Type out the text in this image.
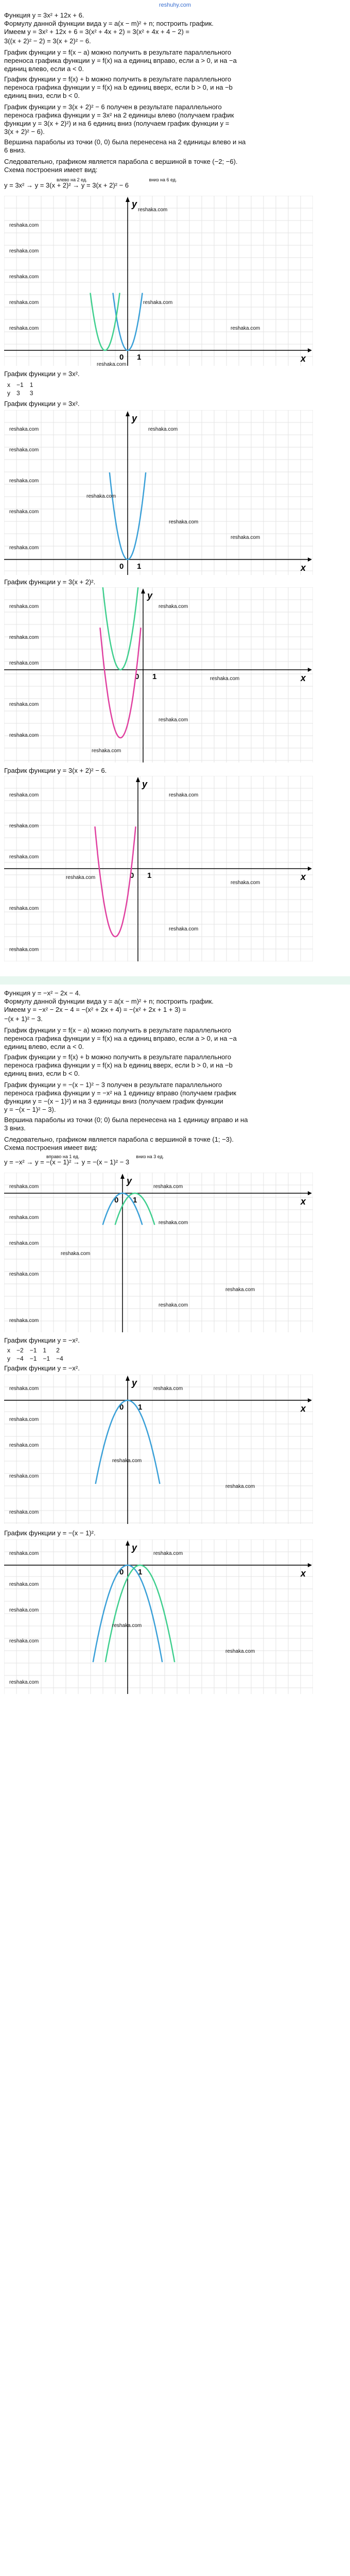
reshuhy.com
Функция y = 3x² + 12x + 6.
Формулу данной функции вида y = a(x − m)² + n; построить график.
Имеем y = 3x² + 12x + 6 = 3(x² + 4x + 2) = 3(x² + 4x + 4 − 2) =
3((x + 2)² − 2) = 3(x + 2)² − 6.
График функции y = f(x − a) можно получить в результате параллельного
переноса графика функции y = f(x) на a единиц вправо, если a > 0, и на −a
единиц влево, если a < 0.
График функции y = f(x) + b можно получить в результате параллельного
переноса графика функции y = f(x) на b единиц вверх, если b > 0, и на −b
единиц вниз, если b < 0.
График функции y = 3(x + 2)² − 6 получен в результате параллельного
переноса графика функции y = 3x² на 2 единицы влево (получаем график
функции y = 3(x + 2)²) и на 6 единиц вниз (получаем график функции y =
3(x + 2)² − 6).
Вершина параболы из точки (0, 0) была перенесена на 2 единицы влево и на
6 вниз.
Следовательно, графиком является парабола с вершиной в точке (−2; −6).
Схема построения имеет вид:
влево на 2 ед.	вниз на 6 ед.
y = 3x² → y = 3(x + 2)² → y = 3(x + 2)² − 6
x
y
0 1
reshaka.com
reshaka.com
reshaka.com
reshaka.com
reshaka.com	reshaka.com
reshaka.com	reshaka.com
reshaka.com
График функции y = 3x².
x	−1	1
y	3	3
График функции y = 3x².
x
y
0 1
reshaka.com	reshaka.com
reshaka.com
reshaka.com
reshaka.com
reshaka.com
reshaka.com
reshaka.com
reshaka.com
График функции y = 3(x + 2)².
x
y
0 1
reshaka.com	reshaka.com
reshaka.com
reshaka.com
reshaka.com
reshaka.com
reshaka.com
reshaka.com
reshaka.com
График функции y = 3(x + 2)² − 6.
x
y
0 1
reshaka.com	reshaka.com
reshaka.com
reshaka.com
reshaka.com
reshaka.com
reshaka.com
reshaka.com
reshaka.com
Функция y = −x² − 2x − 4.
Формулу данной функции вида y = a(x − m)² + n; построить график.
Имеем y = −x² − 2x − 4 = −(x² + 2x + 4) = −(x² + 2x + 1 + 3) =
−(x + 1)² − 3.
График функции y = f(x − a) можно получить в результате параллельного
переноса графика функции y = f(x) на a единиц вправо, если a > 0, и на −a
единиц влево, если a < 0.
График функции y = f(x) + b можно получить в результате параллельного
переноса графика функции y = f(x) на b единиц вверх, если b > 0, и на −b
единиц вниз, если b < 0.
График функции y = −(x − 1)² − 3 получен в результате параллельного
переноса графика функции y = −x² на 1 единицу вправо (получаем график
функции y = −(x − 1)²) и на 3 единицы вниз (получаем график функции
y = −(x − 1)² − 3).
Вершина параболы из точки (0; 0) была перенесена на 1 единицу вправо и на
3 вниз.
Следовательно, графиком является парабола с вершиной в точке (1; −3).
Схема построения имеет вид:
вправо на 1 ед.	вниз на 3 ед.
y = −x² → y = −(x − 1)² → y = −(x − 1)² − 3
x
y
0 1
reshaka.com	reshaka.com
reshaka.com
reshaka.com
reshaka.com
reshaka.com
reshaka.com
reshaka.com
reshaka.com
reshaka.com
График функции y = −x².
x	−2	−1	1	2
y	−4	−1	−1	−4
График функции y = −x².
x
y
0 1
reshaka.com	reshaka.com
reshaka.com
reshaka.com
reshaka.com
reshaka.com
reshaka.com
reshaka.com
График функции y = −(x − 1)².
x
y
0 1
reshaka.com	reshaka.com
reshaka.com
reshaka.com
reshaka.com
reshaka.com
reshaka.com
reshaka.com
